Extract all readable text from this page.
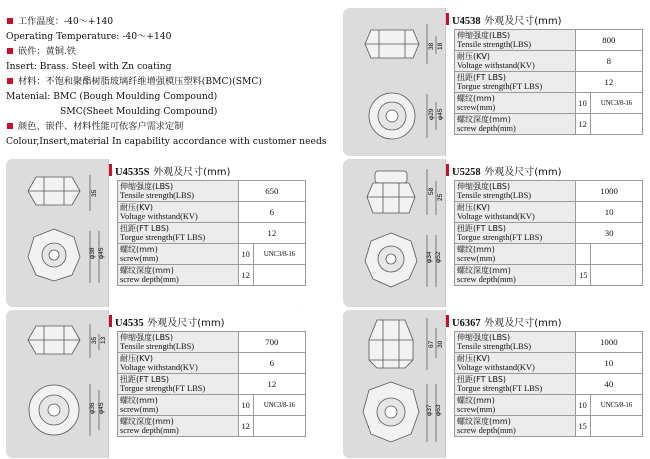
工作温度：-40～+140
Operating Temperature: -40～+140
嵌件：黄铜.铁
Insert: Brass. Steel with Zn coating
材料：不饱和聚酯树脂玻璃纤维增强模压塑料(BMC)(SMC)
Matenial: BMC (Bough Moulding Compound)
SMC(Sheet Moulding Compound)
颜色、嵌件、材料性能可依客户需求定制
Colour,Insert,material In capability accordance with customer needs
38 18
φ29 φ45
U4538 外观及尺寸(mm)
伸缩强度(LBS)
Tensile strength(LBS)	800	

耐压(KV)
Voltage withstand(KV)	8	

扭距(FT LBS)
Torgue strength(FT LBS)	12	

螺纹(mm)
screw(mm)	10	UNC3/8-16

螺纹深度(mm)
screw depth(mm)	12	
35
φ38 φ45
U4535S 外观及尺寸(mm)
伸缩强度(LBS)
Tensile strength(LBS)	650	

耐压(KV)
Voltage withstand(KV)	6	

扭距(FT LBS)
Torgue strength(FT LBS)	12	

螺纹(mm)
screw(mm)	10	UNC3/8-16

螺纹深度(mm)
screw depth(mm)	12	
58
25
φ34 φ52
U5258 外观及尺寸(mm)
伸缩强度(LBS)
Tensile strength(LBS)	1000	

耐压(KV)
Voltage withstand(KV)	10	

扭距(FT LBS)
Torgue strength(FT LBS)	30	

螺纹(mm)
screw(mm)		

螺纹深度(mm)
screw depth(mm)	15	
35 13
φ36 φ45
U4535 外观及尺寸(mm)
伸缩强度(LBS)
Tensile strength(LBS)	700	

耐压(KV)
Voltage withstand(KV)	6	

扭距(FT LBS)
Torgue strength(FT LBS)	12	

螺纹(mm)
screw(mm)	10	UNC3/8-16

螺纹深度(mm)
screw depth(mm)	12	
67 30
φ37 φ63
U6367 外观及尺寸(mm)
伸缩强度(LBS)
Tensile strength(LBS)	1000	

耐压(KV)
Voltage withstand(KV)	10	

扭距(FT LBS)
Torgue strength(FT LBS)	40	

螺纹(mm)
screw(mm)	10	UNC5/8-16

螺纹深度(mm)
screw depth(mm)	15	
